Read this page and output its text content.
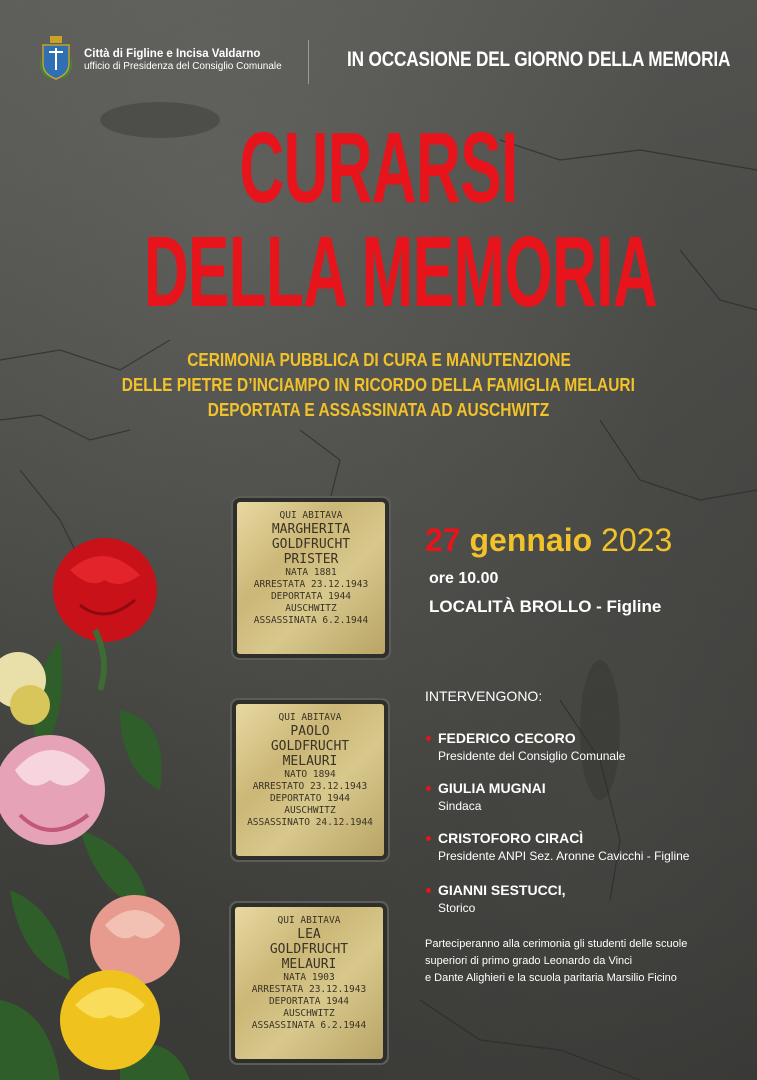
Città di Figline e Incisa Valdarno
ufficio di Presidenza del Consiglio Comunale	IN OCCASIONE DEL GIORNO DELLA MEMORIA
CURARSI
DELLA MEMORIA
CERIMONIA PUBBLICA DI CURA E MANUTENZIONE
DELLE PIETRE D’INCIAMPO IN RICORDO DELLA FAMIGLIA MELAURI
DEPORTATA E ASSASSINATA AD AUSCHWITZ
QUI ABITAVA
MARGHERITA
GOLDFRUCHT
PRISTER
NATA 1881
ARRESTATA 23.12.1943
DEPORTATA 1944
AUSCHWITZ
ASSASSINATA 6.2.1944
QUI ABITAVA
PAOLO
GOLDFRUCHT
MELAURI
NATO 1894
ARRESTATO 23.12.1943
DEPORTATO 1944
AUSCHWITZ
ASSASSINATO 24.12.1944
QUI ABITAVA
LEA
GOLDFRUCHT
MELAURI
NATA 1903
ARRESTATA 23.12.1943
DEPORTATA 1944
AUSCHWITZ
ASSASSINATA 6.2.1944
27 gennaio 2023
ore 10.00
LOCALITÀ BROLLO - Figline
INTERVENGONO:
FEDERICO CECORO
Presidente del Consiglio Comunale
GIULIA MUGNAI
Sindaca
CRISTOFORO CIRACÌ
Presidente ANPI Sez. Aronne Cavicchi - Figline
GIANNI SESTUCCI,
Storico
Parteciperanno alla cerimonia gli studenti delle scuole
superiori di primo grado Leonardo da Vinci
e Dante Alighieri e la scuola paritaria Marsilio Ficino
